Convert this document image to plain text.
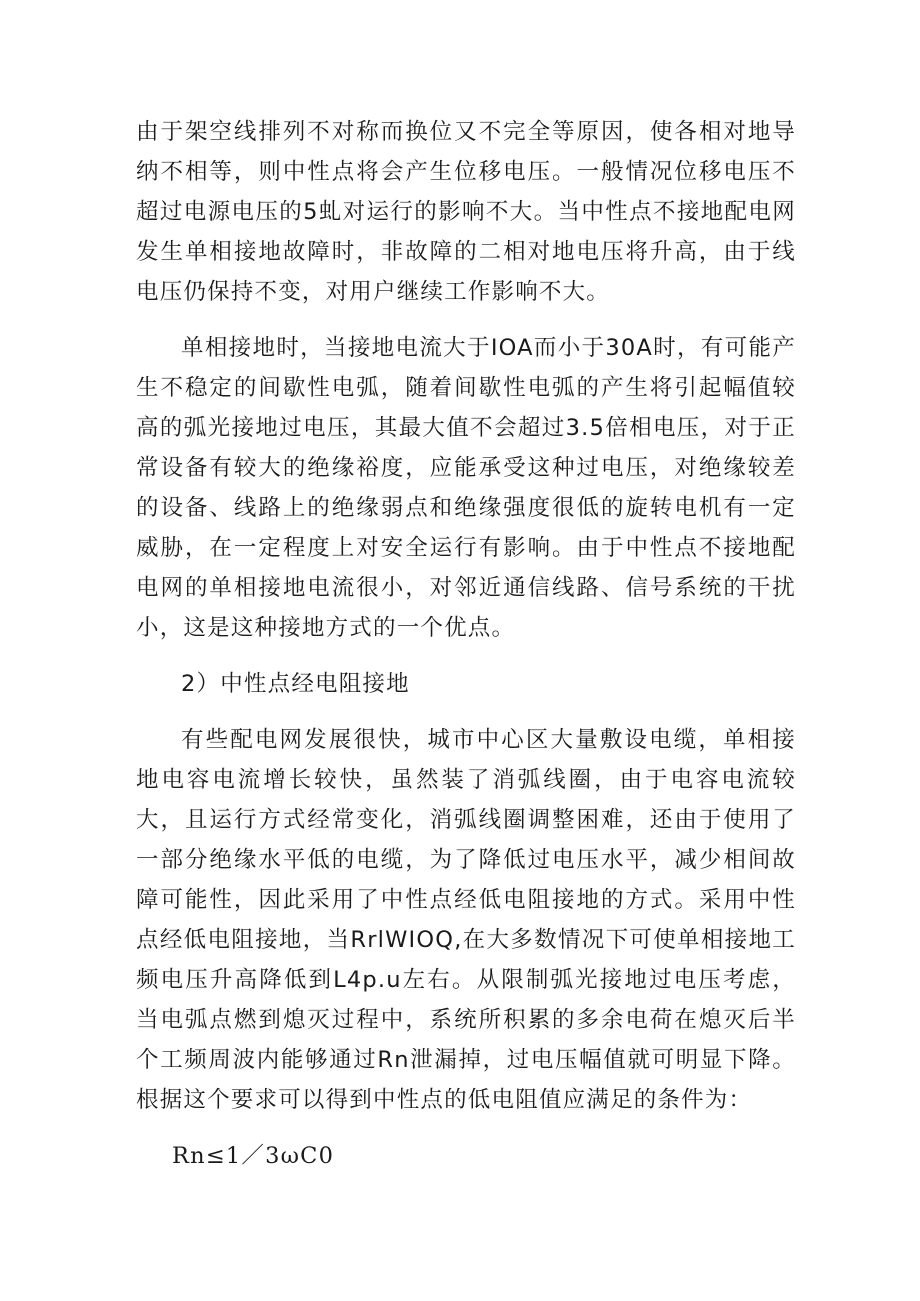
由于架空线排列不对称而换位又不完全等原因，使各相对地导纳不相等，则中性点将会产生位移电压。一般情况位移电压不超过电源电压的5虬对运行的影响不大。当中性点不接地配电网发生单相接地故障时，非故障的二相对地电压将升高，由于线电压仍保持不变，对用户继续工作影响不大。

单相接地时，当接地电流大于IOA而小于30A时，有可能产生不稳定的间歇性电弧，随着间歇性电弧的产生将引起幅值较高的弧光接地过电压，其最大值不会超过3.5倍相电压，对于正常设备有较大的绝缘裕度，应能承受这种过电压，对绝缘较差的设备、线路上的绝缘弱点和绝缘强度很低的旋转电机有一定威胁，在一定程度上对安全运行有影响。由于中性点不接地配电网的单相接地电流很小，对邻近通信线路、信号系统的干扰小，这是这种接地方式的一个优点。

2）中性点经电阻接地

有些配电网发展很快，城市中心区大量敷设电缆，单相接地电容电流增长较快，虽然装了消弧线圈，由于电容电流较大，且运行方式经常变化，消弧线圈调整困难，还由于使用了一部分绝缘水平低的电缆，为了降低过电压水平，减少相间故障可能性，因此采用了中性点经低电阻接地的方式。采用中性点经低电阻接地，当RrlWIOQ,在大多数情况下可使单相接地工频电压升高降低到L4p.u左右。从限制弧光接地过电压考虑，当电弧点燃到熄灭过程中，系统所积累的多余电荷在熄灭后半个工频周波内能够通过Rn泄漏掉，过电压幅值就可明显下降。根据这个要求可以得到中性点的低电阻值应满足的条件为：

Rn≤1／3ωC0
